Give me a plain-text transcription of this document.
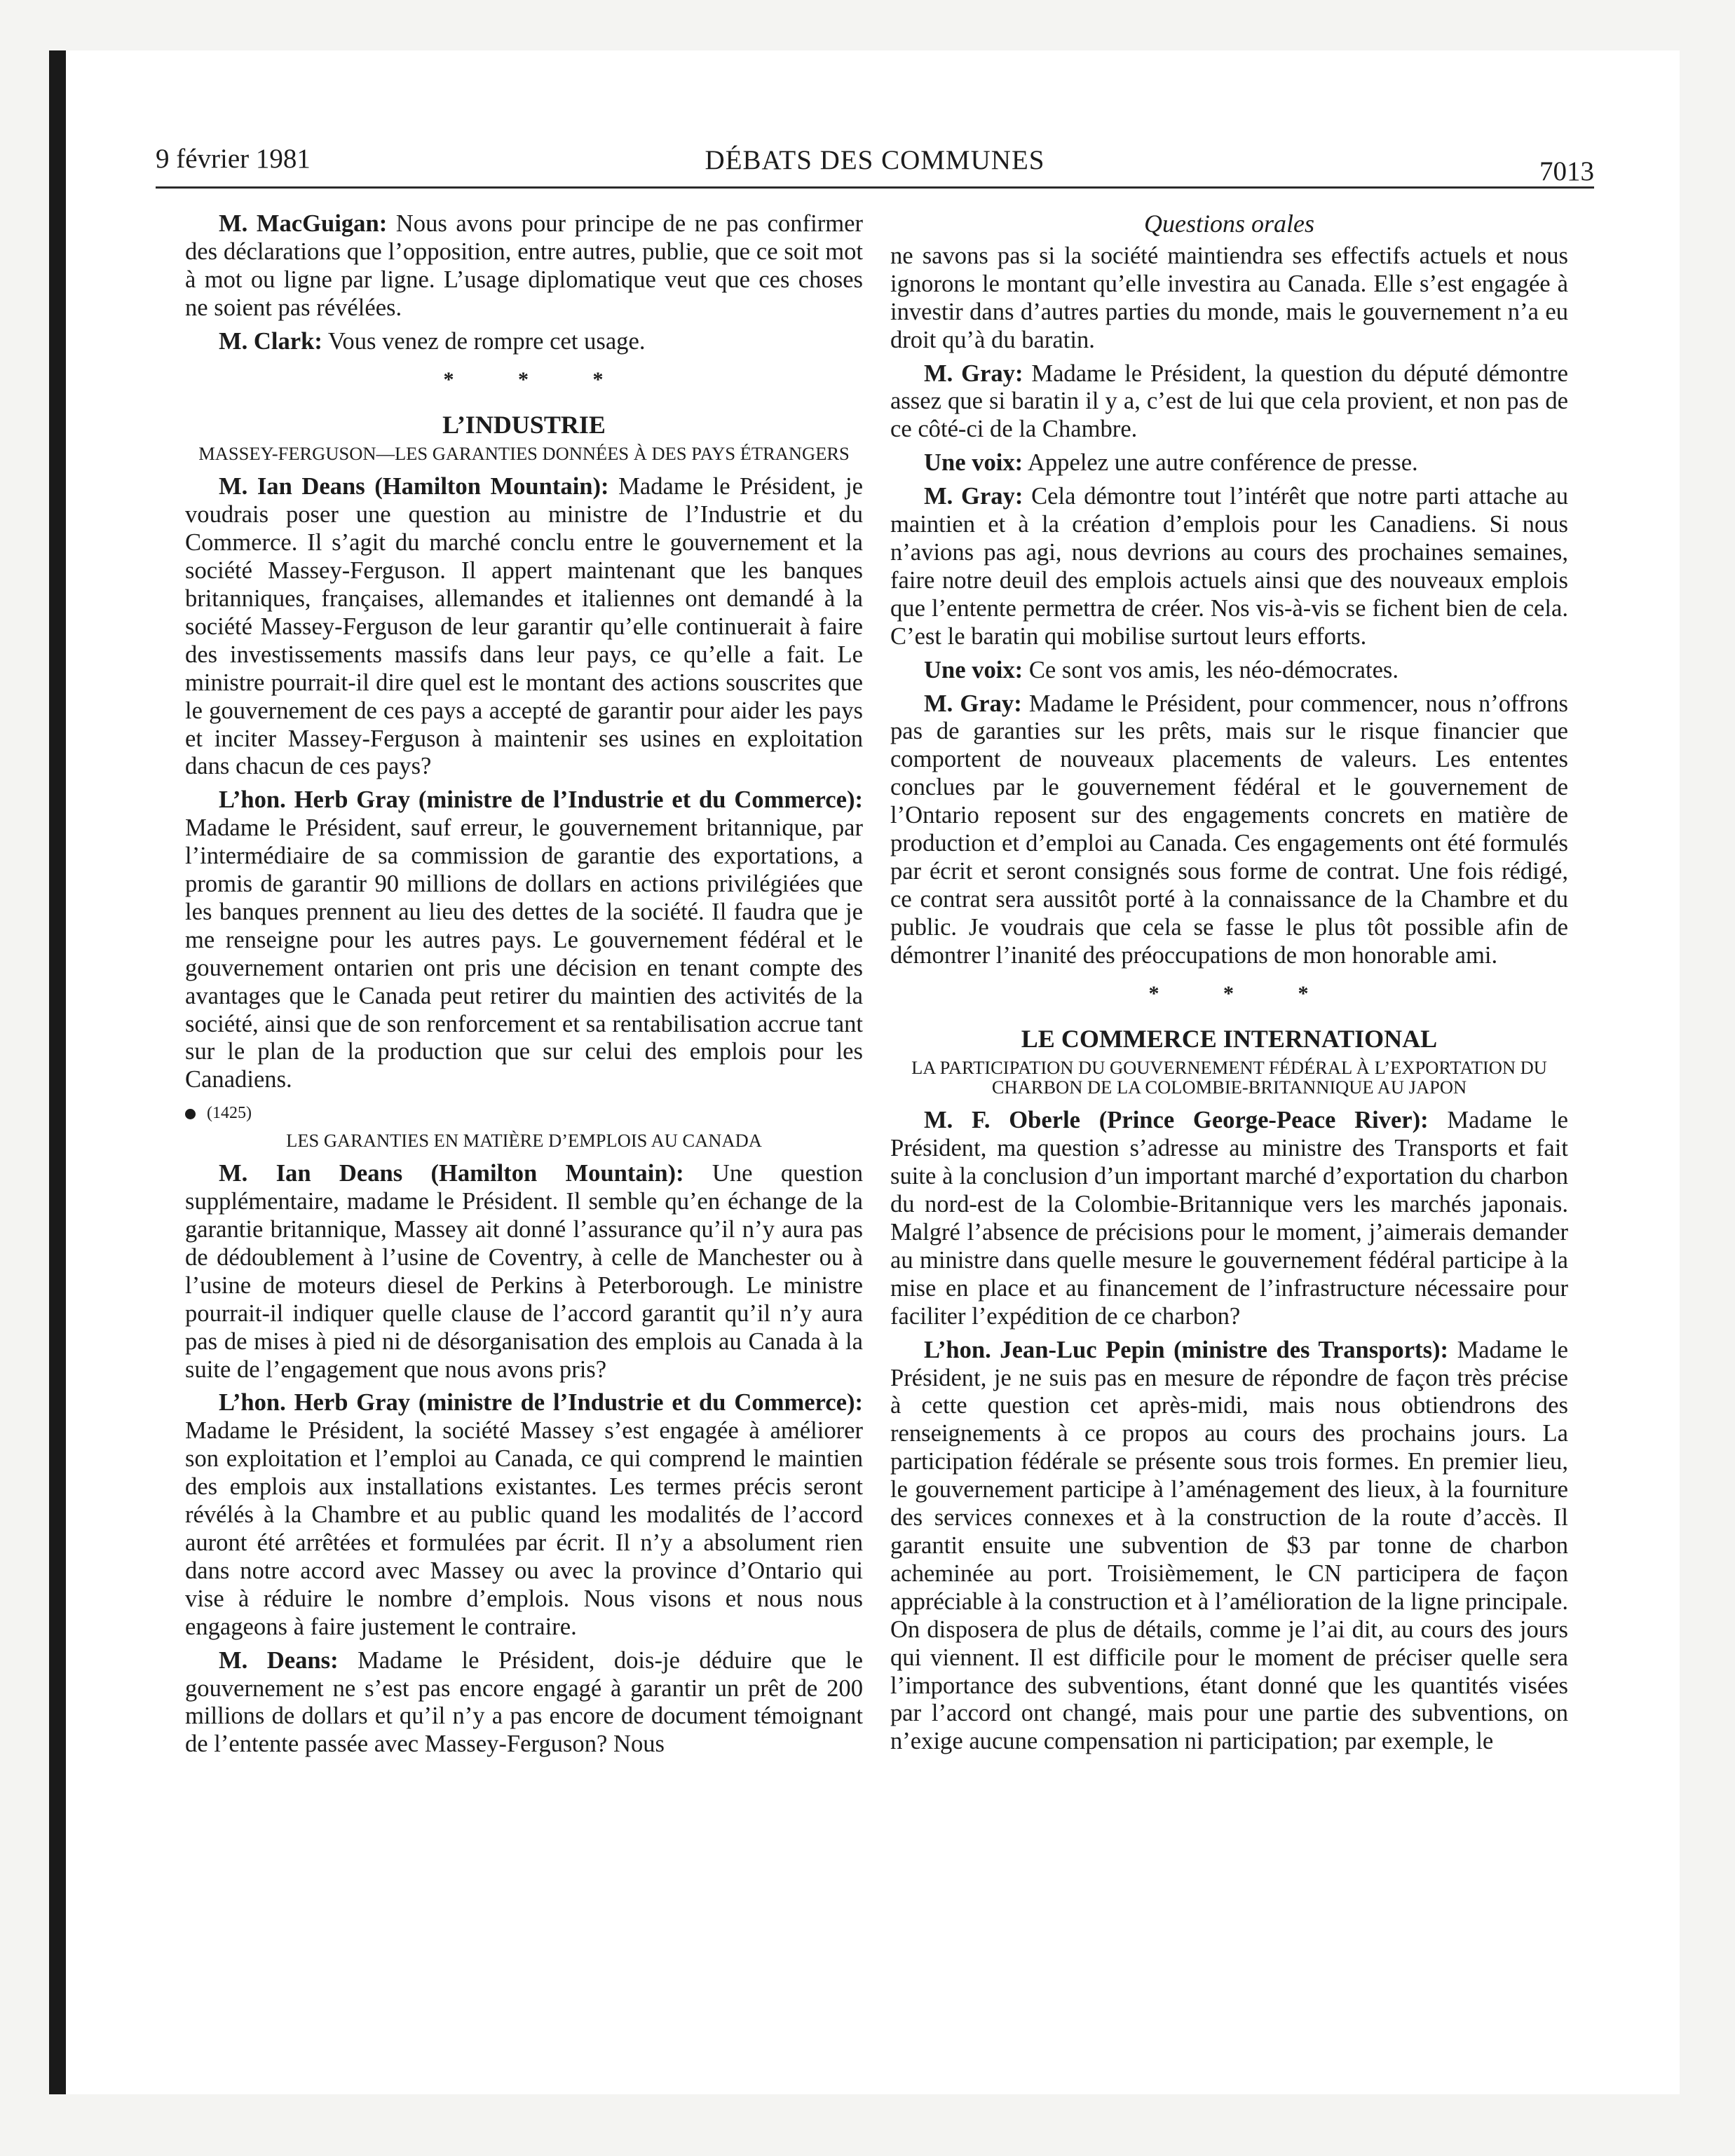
9 février 1981	DÉBATS DES COMMUNES	7013

M. MacGuigan: Nous avons pour principe de ne pas confirmer des déclarations que l’opposition, entre autres, publie, que ce soit mot à mot ou ligne par ligne. L’usage diplomatique veut que ces choses ne soient pas révélées.

M. Clark: Vous venez de rompre cet usage.

* * *
L’INDUSTRIE
MASSEY-FERGUSON—LES GARANTIES DONNÉES À DES PAYS ÉTRANGERS

M. Ian Deans (Hamilton Mountain): Madame le Président, je voudrais poser une question au ministre de l’Industrie et du Commerce. Il s’agit du marché conclu entre le gouvernement et la société Massey-Ferguson. Il appert maintenant que les banques britanniques, françaises, allemandes et italiennes ont demandé à la société Massey-Ferguson de leur garantir qu’elle continuerait à faire des investissements massifs dans leur pays, ce qu’elle a fait. Le ministre pourrait-il dire quel est le montant des actions souscrites que le gouvernement de ces pays a accepté de garantir pour aider les pays et inciter Massey-Ferguson à maintenir ses usines en exploitation dans chacun de ces pays?

L’hon. Herb Gray (ministre de l’Industrie et du Commerce): Madame le Président, sauf erreur, le gouvernement britannique, par l’intermédiaire de sa commission de garantie des exportations, a promis de garantir 90 millions de dollars en actions privilégiées que les banques prennent au lieu des dettes de la société. Il faudra que je me renseigne pour les autres pays. Le gouvernement fédéral et le gouvernement ontarien ont pris une décision en tenant compte des avantages que le Canada peut retirer du maintien des activités de la société, ainsi que de son renforcement et sa rentabilisation accrue tant sur le plan de la production que sur celui des emplois pour les Canadiens.

(1425)
LES GARANTIES EN MATIÈRE D’EMPLOIS AU CANADA

M. Ian Deans (Hamilton Mountain): Une question supplémentaire, madame le Président. Il semble qu’en échange de la garantie britannique, Massey ait donné l’assurance qu’il n’y aura pas de dédoublement à l’usine de Coventry, à celle de Manchester ou à l’usine de moteurs diesel de Perkins à Peterborough. Le ministre pourrait-il indiquer quelle clause de l’accord garantit qu’il n’y aura pas de mises à pied ni de désorganisation des emplois au Canada à la suite de l’engagement que nous avons pris?

L’hon. Herb Gray (ministre de l’Industrie et du Commerce): Madame le Président, la société Massey s’est engagée à améliorer son exploitation et l’emploi au Canada, ce qui comprend le maintien des emplois aux installations existantes. Les termes précis seront révélés à la Chambre et au public quand les modalités de l’accord auront été arrêtées et formulées par écrit. Il n’y a absolument rien dans notre accord avec Massey ou avec la province d’Ontario qui vise à réduire le nombre d’emplois. Nous visons et nous nous engageons à faire justement le contraire.

M. Deans: Madame le Président, dois-je déduire que le gouvernement ne s’est pas encore engagé à garantir un prêt de 200 millions de dollars et qu’il n’y a pas encore de document témoignant de l’entente passée avec Massey-Ferguson? Nous

Questions orales

ne savons pas si la société maintiendra ses effectifs actuels et nous ignorons le montant qu’elle investira au Canada. Elle s’est engagée à investir dans d’autres parties du monde, mais le gouvernement n’a eu droit qu’à du baratin.

M. Gray: Madame le Président, la question du député démontre assez que si baratin il y a, c’est de lui que cela provient, et non pas de ce côté-ci de la Chambre.

Une voix: Appelez une autre conférence de presse.

M. Gray: Cela démontre tout l’intérêt que notre parti attache au maintien et à la création d’emplois pour les Canadiens. Si nous n’avions pas agi, nous devrions au cours des prochaines semaines, faire notre deuil des emplois actuels ainsi que des nouveaux emplois que l’entente permettra de créer. Nos vis-à-vis se fichent bien de cela. C’est le baratin qui mobilise surtout leurs efforts.

Une voix: Ce sont vos amis, les néo-démocrates.

M. Gray: Madame le Président, pour commencer, nous n’offrons pas de garanties sur les prêts, mais sur le risque financier que comportent de nouveaux placements de valeurs. Les ententes conclues par le gouvernement fédéral et le gouvernement de l’Ontario reposent sur des engagements concrets en matière de production et d’emploi au Canada. Ces engagements ont été formulés par écrit et seront consignés sous forme de contrat. Une fois rédigé, ce contrat sera aussitôt porté à la connaissance de la Chambre et du public. Je voudrais que cela se fasse le plus tôt possible afin de démontrer l’inanité des préoccupations de mon honorable ami.

* * *
LE COMMERCE INTERNATIONAL
LA PARTICIPATION DU GOUVERNEMENT FÉDÉRAL À L’EXPORTATION DU CHARBON DE LA COLOMBIE-BRITANNIQUE AU JAPON

M. F. Oberle (Prince George-Peace River): Madame le Président, ma question s’adresse au ministre des Transports et fait suite à la conclusion d’un important marché d’exportation du charbon du nord-est de la Colombie-Britannique vers les marchés japonais. Malgré l’absence de précisions pour le moment, j’aimerais demander au ministre dans quelle mesure le gouvernement fédéral participe à la mise en place et au financement de l’infrastructure nécessaire pour faciliter l’expédition de ce charbon?

L’hon. Jean-Luc Pepin (ministre des Transports): Madame le Président, je ne suis pas en mesure de répondre de façon très précise à cette question cet après-midi, mais nous obtiendrons des renseignements à ce propos au cours des prochains jours. La participation fédérale se présente sous trois formes. En premier lieu, le gouvernement participe à l’aménagement des lieux, à la fourniture des services connexes et à la construction de la route d’accès. Il garantit ensuite une subvention de $3 par tonne de charbon acheminée au port. Troisièmement, le CN participera de façon appréciable à la construction et à l’amélioration de la ligne principale. On disposera de plus de détails, comme je l’ai dit, au cours des jours qui viennent. Il est difficile pour le moment de préciser quelle sera l’importance des subventions, étant donné que les quantités visées par l’accord ont changé, mais pour une partie des subventions, on n’exige aucune compensation ni participation; par exemple, le
